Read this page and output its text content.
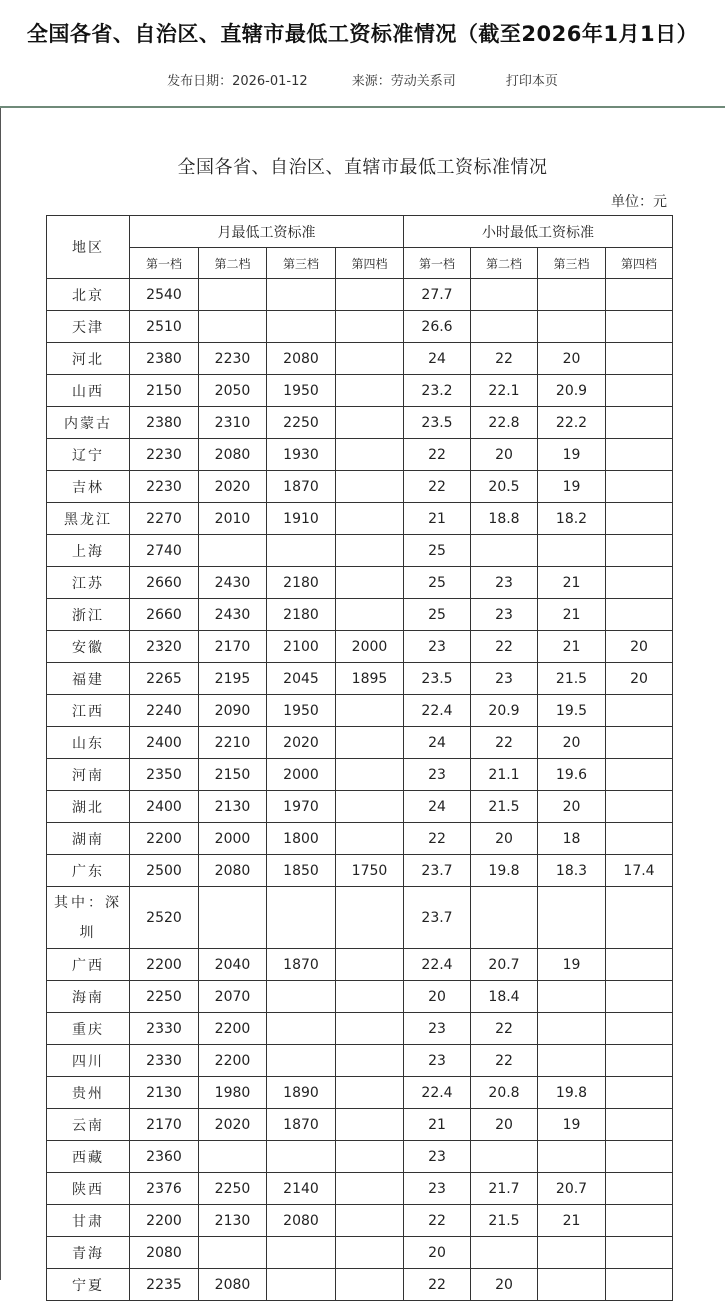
全国各省、自治区、直辖市最低工资标准情况（截至2026年1月1日）
发布日期：2026-01-12	来源：劳动关系司	打印本页
全国各省、自治区、直辖市最低工资标准情况
单位：元
地区	月最低工资标准				小时最低工资标准			
	第一档	第二档	第三档	第四档	第一档	第二档	第三档	第四档
北京	2540				27.7			
天津	2510				26.6			
河北	2380	2230	2080		24	22	20	
山西	2150	2050	1950		23.2	22.1	20.9	
内蒙古	2380	2310	2250		23.5	22.8	22.2	
辽宁	2230	2080	1930		22	20	19	
吉林	2230	2020	1870		22	20.5	19	
黑龙江	2270	2010	1910		21	18.8	18.2	
上海	2740				25			
江苏	2660	2430	2180		25	23	21	
浙江	2660	2430	2180		25	23	21	
安徽	2320	2170	2100	2000	23	22	21	20
福建	2265	2195	2045	1895	23.5	23	21.5	20
江西	2240	2090	1950		22.4	20.9	19.5	
山东	2400	2210	2020		24	22	20	
河南	2350	2150	2000		23	21.1	19.6	
湖北	2400	2130	1970		24	21.5	20	
湖南	2200	2000	1800		22	20	18	
广东	2500	2080	1850	1750	23.7	19.8	18.3	17.4
其中：深圳	2520				23.7			
广西	2200	2040	1870		22.4	20.7	19	
海南	2250	2070			20	18.4		
重庆	2330	2200			23	22		
四川	2330	2200			23	22		
贵州	2130	1980	1890		22.4	20.8	19.8	
云南	2170	2020	1870		21	20	19	
西藏	2360				23			
陕西	2376	2250	2140		23	21.7	20.7	
甘肃	2200	2130	2080		22	21.5	21	
青海	2080				20			
宁夏	2235	2080			22	20		
